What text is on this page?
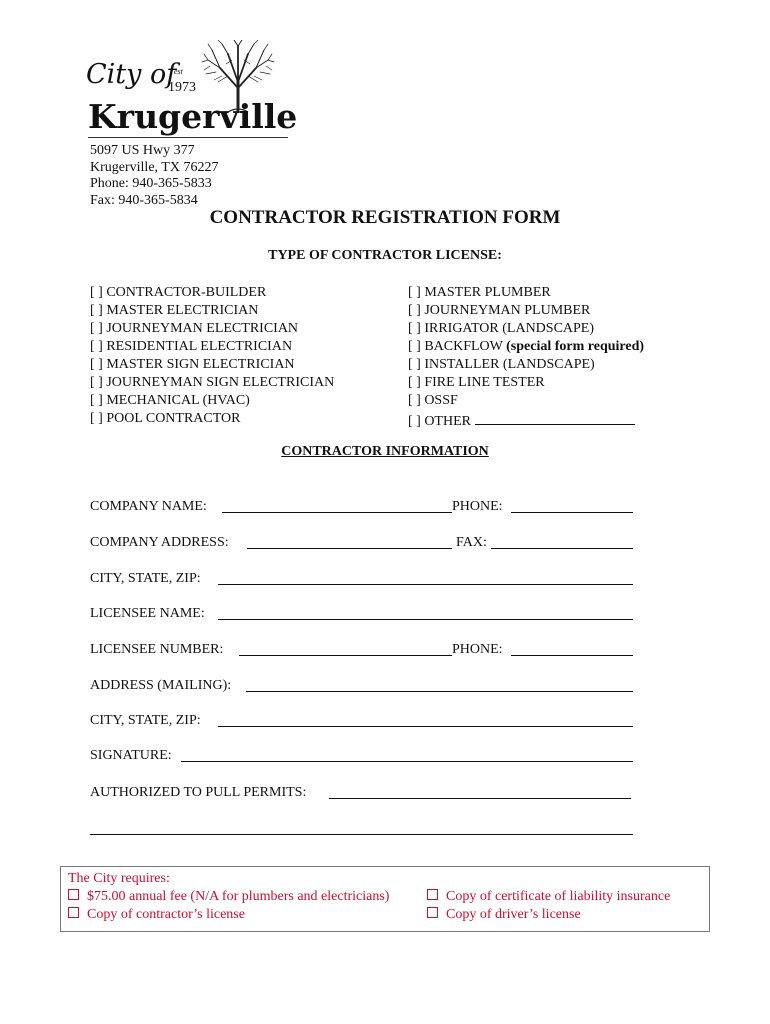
City of
est
1973
Krugerville
5097 US Hwy 377
Krugerville, TX 76227
Phone: 940-365-5833
Fax: 940-365-5834
CONTRACTOR REGISTRATION FORM
TYPE OF CONTRACTOR LICENSE:
[ ] CONTRACTOR-BUILDER
[ ] MASTER ELECTRICIAN
[ ] JOURNEYMAN ELECTRICIAN
[ ] RESIDENTIAL ELECTRICIAN
[ ] MASTER SIGN ELECTRICIAN
[ ] JOURNEYMAN SIGN ELECTRICIAN
[ ] MECHANICAL (HVAC)
[ ] POOL CONTRACTOR
[ ] MASTER PLUMBER
[ ] JOURNEYMAN PLUMBER
[ ] IRRIGATOR (LANDSCAPE)
[ ] BACKFLOW (special form required)
[ ] INSTALLER (LANDSCAPE)
[ ] FIRE LINE TESTER
[ ] OSSF
[ ] OTHER
CONTRACTOR INFORMATION
COMPANY NAME:	PHONE:
COMPANY ADDRESS:	FAX:
CITY, STATE, ZIP:
LICENSEE NAME:
LICENSEE NUMBER:	PHONE:
ADDRESS (MAILING):
CITY, STATE, ZIP:
SIGNATURE:
AUTHORIZED TO PULL PERMITS:
The City requires:
$75.00 annual fee (N/A for plumbers and electricians)	Copy of certificate of liability insurance
Copy of contractor’s license	Copy of driver’s license
